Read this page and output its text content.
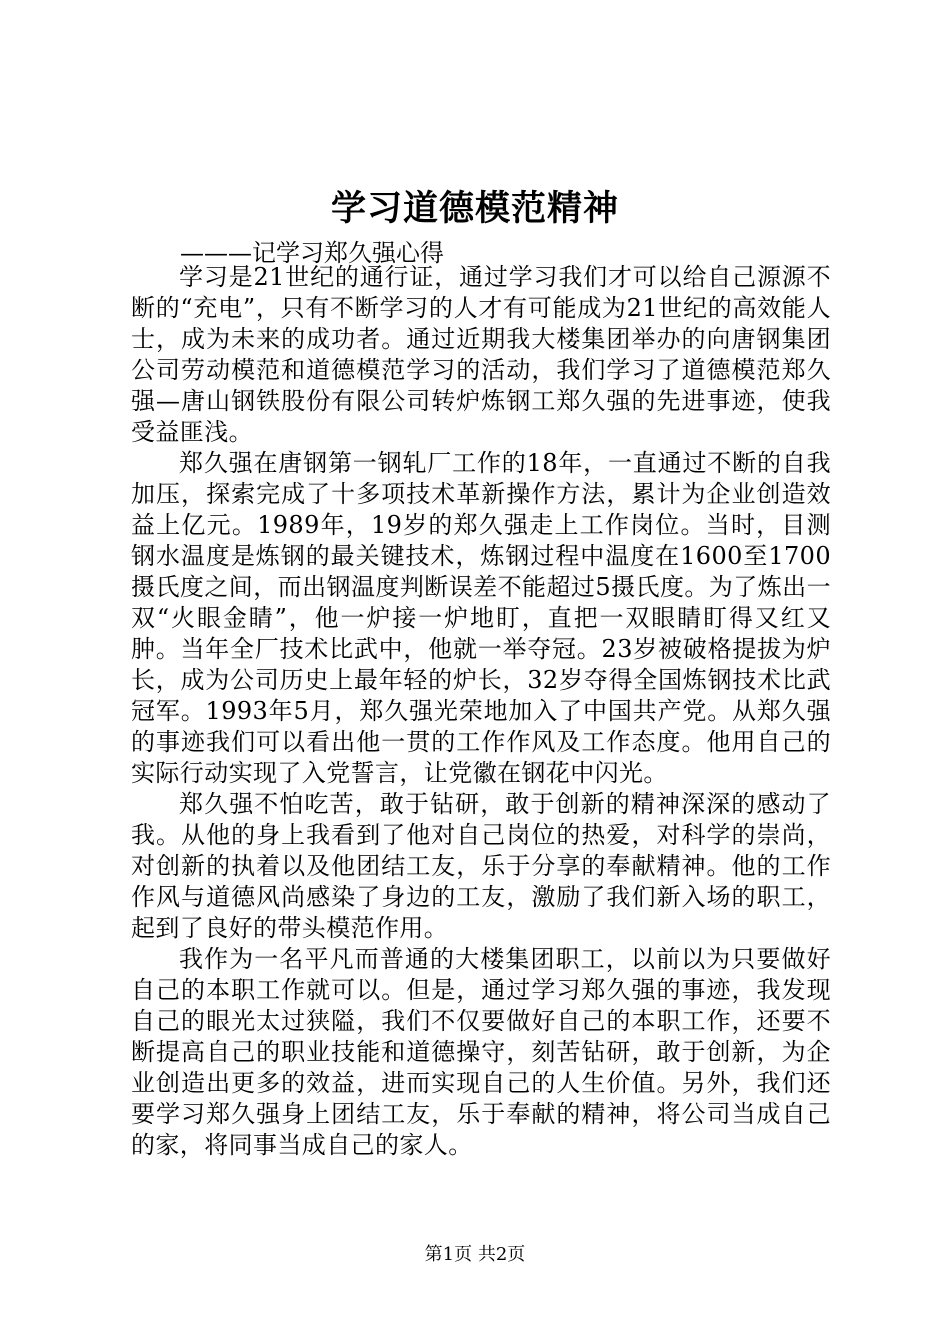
学习道德模范精神
———记学习郑久强心得

学习是21世纪的通行证，通过学习我们才可以给自己源源不断的“充电”，只有不断学习的人才有可能成为21世纪的高效能人士，成为未来的成功者。通过近期我大楼集团举办的向唐钢集团公司劳动模范和道德模范学习的活动，我们学习了道德模范郑久强—唐山钢铁股份有限公司转炉炼钢工郑久强的先进事迹，使我受益匪浅。

郑久强在唐钢第一钢轧厂工作的18年，一直通过不断的自我加压，探索完成了十多项技术革新操作方法，累计为企业创造效益上亿元。1989年，19岁的郑久强走上工作岗位。当时，目测钢水温度是炼钢的最关键技术，炼钢过程中温度在1600至1700摄氏度之间，而出钢温度判断误差不能超过5摄氏度。为了炼出一双“火眼金睛”，他一炉接一炉地盯，直把一双眼睛盯得又红又肿。当年全厂技术比武中，他就一举夺冠。23岁被破格提拔为炉长，成为公司历史上最年轻的炉长，32岁夺得全国炼钢技术比武冠军。1993年5月，郑久强光荣地加入了中国共产党。从郑久强的事迹我们可以看出他一贯的工作作风及工作态度。他用自己的实际行动实现了入党誓言，让党徽在钢花中闪光。

郑久强不怕吃苦，敢于钻研，敢于创新的精神深深的感动了我。从他的身上我看到了他对自己岗位的热爱，对科学的崇尚，对创新的执着以及他团结工友，乐于分享的奉献精神。他的工作作风与道德风尚感染了身边的工友，激励了我们新入场的职工，起到了良好的带头模范作用。

我作为一名平凡而普通的大楼集团职工，以前以为只要做好自己的本职工作就可以。但是，通过学习郑久强的事迹，我发现自己的眼光太过狭隘，我们不仅要做好自己的本职工作，还要不断提高自己的职业技能和道德操守，刻苦钻研，敢于创新，为企业创造出更多的效益，进而实现自己的人生价值。另外，我们还要学习郑久强身上团结工友，乐于奉献的精神，将公司当成自己的家，将同事当成自己的家人。

第1页 共2页
